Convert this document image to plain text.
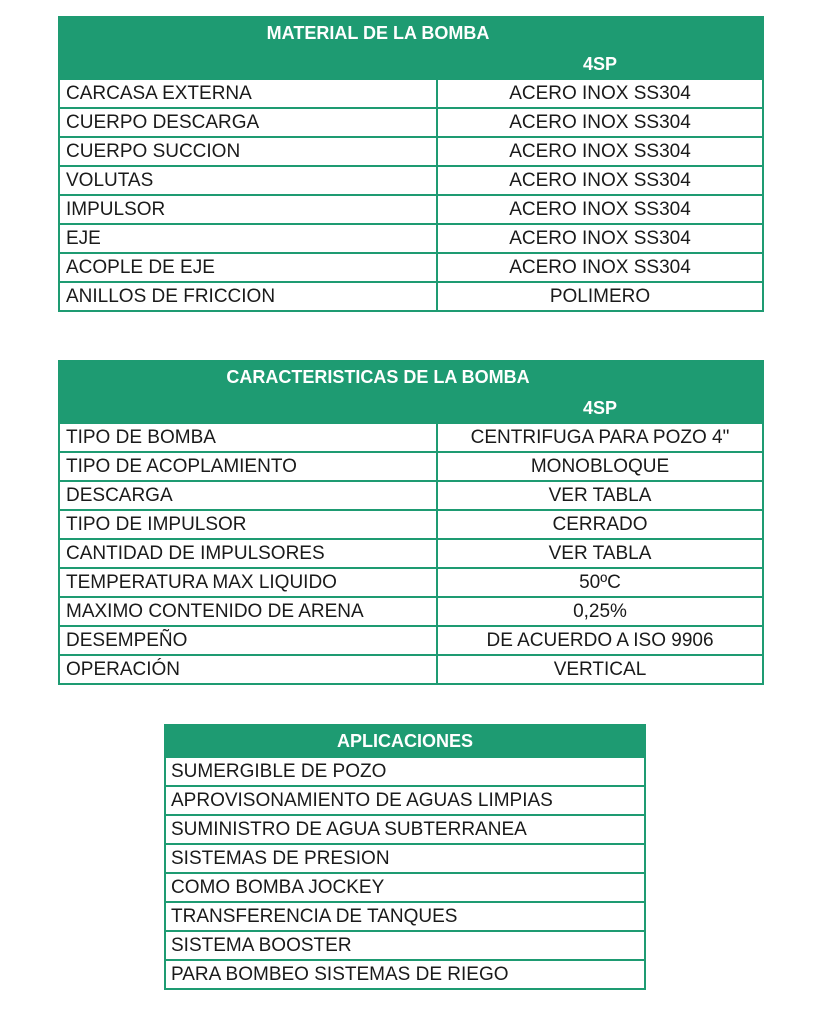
MATERIAL DE LA BOMBA	
	4SP
CARCASA EXTERNA	ACERO INOX SS304
CUERPO DESCARGA	ACERO INOX SS304
CUERPO SUCCION	ACERO INOX SS304
VOLUTAS	ACERO INOX SS304
IMPULSOR	ACERO INOX SS304
EJE	ACERO INOX SS304
ACOPLE DE EJE	ACERO INOX SS304
ANILLOS DE FRICCION	POLIMERO
CARACTERISTICAS DE LA BOMBA	
	4SP
TIPO DE BOMBA	CENTRIFUGA PARA POZO 4"
TIPO DE ACOPLAMIENTO	MONOBLOQUE
DESCARGA	VER TABLA
TIPO DE IMPULSOR	CERRADO
CANTIDAD DE IMPULSORES	VER TABLA
TEMPERATURA MAX LIQUIDO	50ºC
MAXIMO CONTENIDO DE ARENA	0,25%
DESEMPEÑO	DE ACUERDO A ISO 9906
OPERACIÓN	VERTICAL
APLICACIONES
SUMERGIBLE DE POZO
APROVISONAMIENTO DE AGUAS LIMPIAS
SUMINISTRO DE AGUA SUBTERRANEA
SISTEMAS DE PRESION
COMO BOMBA JOCKEY
TRANSFERENCIA DE TANQUES
SISTEMA BOOSTER
PARA BOMBEO SISTEMAS DE RIEGO
